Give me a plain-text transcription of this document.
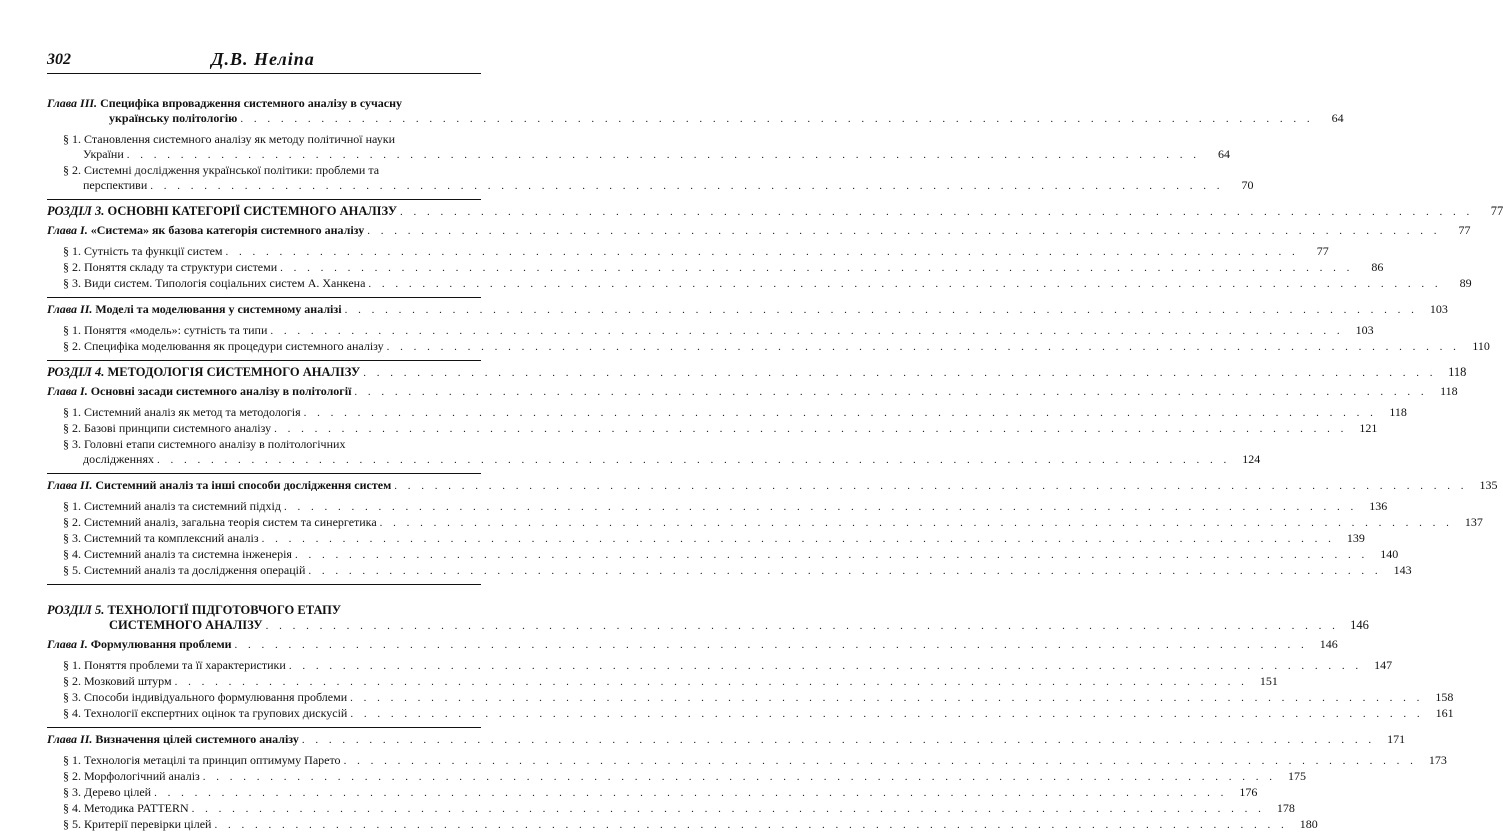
302	Д.В. Неліпа
Глава ІІІ. Специфіка впровадження системного аналізу в сучасну
українську політологію . . .	64
§ 1. Становлення системного аналізу як методу політичної науки
України . . .	64
§ 2. Системні дослідження української політики: проблеми та
перспективи . . .	70
РОЗДІЛ 3. ОСНОВНІ КАТЕГОРІЇ СИСТЕМНОГО АНАЛІЗУ . . .	77
Глава І. «Система» як базова категорія системного аналізу . . .	77
§ 1. Сутність та функції систем . . .	77
§ 2. Поняття складу та структури системи . . .	86
§ 3. Види систем. Типологія соціальних систем А. Ханкена . . .	89
Глава ІІ. Моделі та моделювання у системному аналізі . . .	103
§ 1. Поняття «модель»: сутність та типи . . .	103
§ 2. Специфіка моделювання як процедури системного аналізу . . .	110
РОЗДІЛ 4. МЕТОДОЛОГІЯ СИСТЕМНОГО АНАЛІЗУ . . .	118
Глава І. Основні засади системного аналізу в політології . . .	118
§ 1. Системний аналіз як метод та методологія . . .	118
§ 2. Базові принципи системного аналізу . . .	121
§ 3. Головні етапи системного аналізу в політологічних
дослідженнях . . .	124
Глава ІІ. Системний аналіз та інші способи дослідження систем . . .	135
§ 1. Системний аналіз та системний підхід . . .	136
§ 2. Системний аналіз, загальна теорія систем та синергетика . . .	137
§ 3. Системний та комплексний аналіз . . .	139
§ 4. Системний аналіз та системна інженерія . . .	140
§ 5. Системний аналіз та дослідження операцій . . .	143
РОЗДІЛ 5. ТЕХНОЛОГІЇ ПІДГОТОВЧОГО ЕТАПУ
СИСТЕМНОГО АНАЛІЗУ . . .	146
Глава І. Формулювання проблеми . . .	146
§ 1. Поняття проблеми та її характеристики . . .	147
§ 2. Мозковий штурм . . .	151
§ 3. Способи індивідуального формулювання проблеми . . .	158
§ 4. Технології експертних оцінок та групових дискусій . . .	161
Глава ІІ. Визначення цілей системного аналізу . . .	171
§ 1. Технологія метацілі та принцип оптимуму Парето . . .	173
§ 2. Морфологічний аналіз . . .	175
§ 3. Дерево цілей . . .	176
§ 4. Методика PATTERN . . .	178
§ 5. Критерії перевірки цілей . . .	180
